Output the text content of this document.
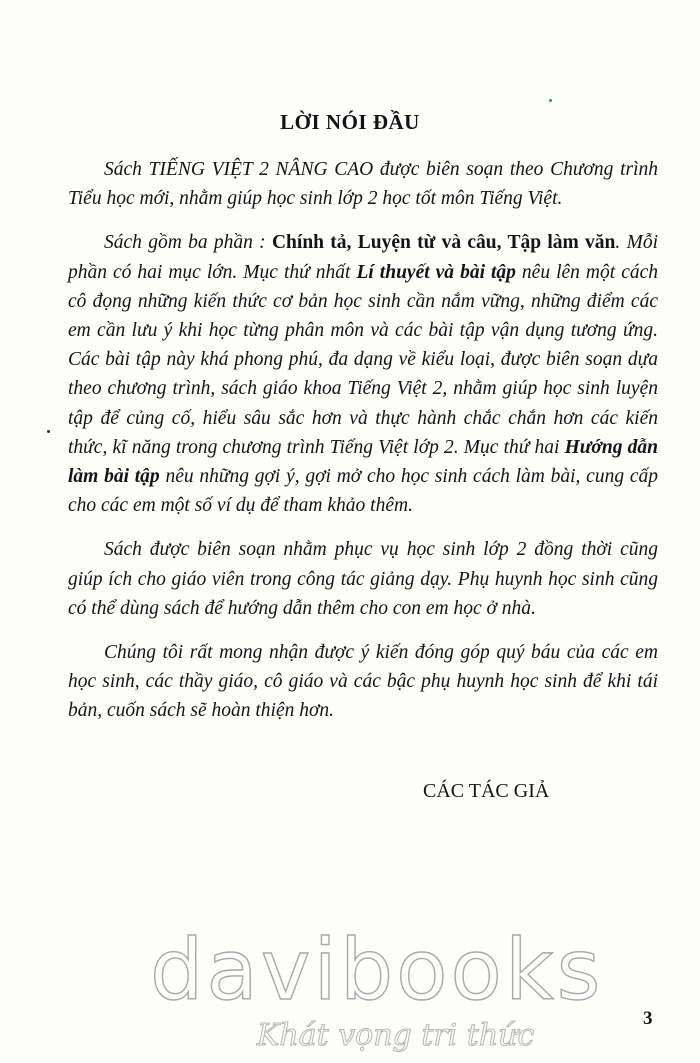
LỜI NÓI ĐẦU

Sách TIẾNG VIỆT 2 NÂNG CAO được biên soạn theo Chương trình Tiểu học mới, nhằm giúp học sinh lớp 2 học tốt môn Tiếng Việt.

Sách gồm ba phần : Chính tả, Luyện từ và câu, Tập làm văn. Mỗi phần có hai mục lớn. Mục thứ nhất Lí thuyết và bài tập nêu lên một cách cô đọng những kiến thức cơ bản học sinh cần nắm vững, những điểm các em cần lưu ý khi học từng phân môn và các bài tập vận dụng tương ứng. Các bài tập này khá phong phú, đa dạng về kiểu loại, được biên soạn dựa theo chương trình, sách giáo khoa Tiếng Việt 2, nhằm giúp học sinh luyện tập để củng cố, hiểu sâu sắc hơn và thực hành chắc chắn hơn các kiến thức, kĩ năng trong chương trình Tiếng Việt lớp 2. Mục thứ hai Hướng dẫn làm bài tập nêu những gợi ý, gợi mở cho học sinh cách làm bài, cung cấp cho các em một số ví dụ để tham khảo thêm.

Sách được biên soạn nhằm phục vụ học sinh lớp 2 đồng thời cũng giúp ích cho giáo viên trong công tác giảng dạy. Phụ huynh học sinh cũng có thể dùng sách để hướng dẫn thêm cho con em học ở nhà.

Chúng tôi rất mong nhận được ý kiến đóng góp quý báu của các em học sinh, các thầy giáo, cô giáo và các bậc phụ huynh học sinh để khi tái bản, cuốn sách sẽ hoàn thiện hơn.

CÁC TÁC GIẢ
davibooks
Khát vọng tri thức	3
